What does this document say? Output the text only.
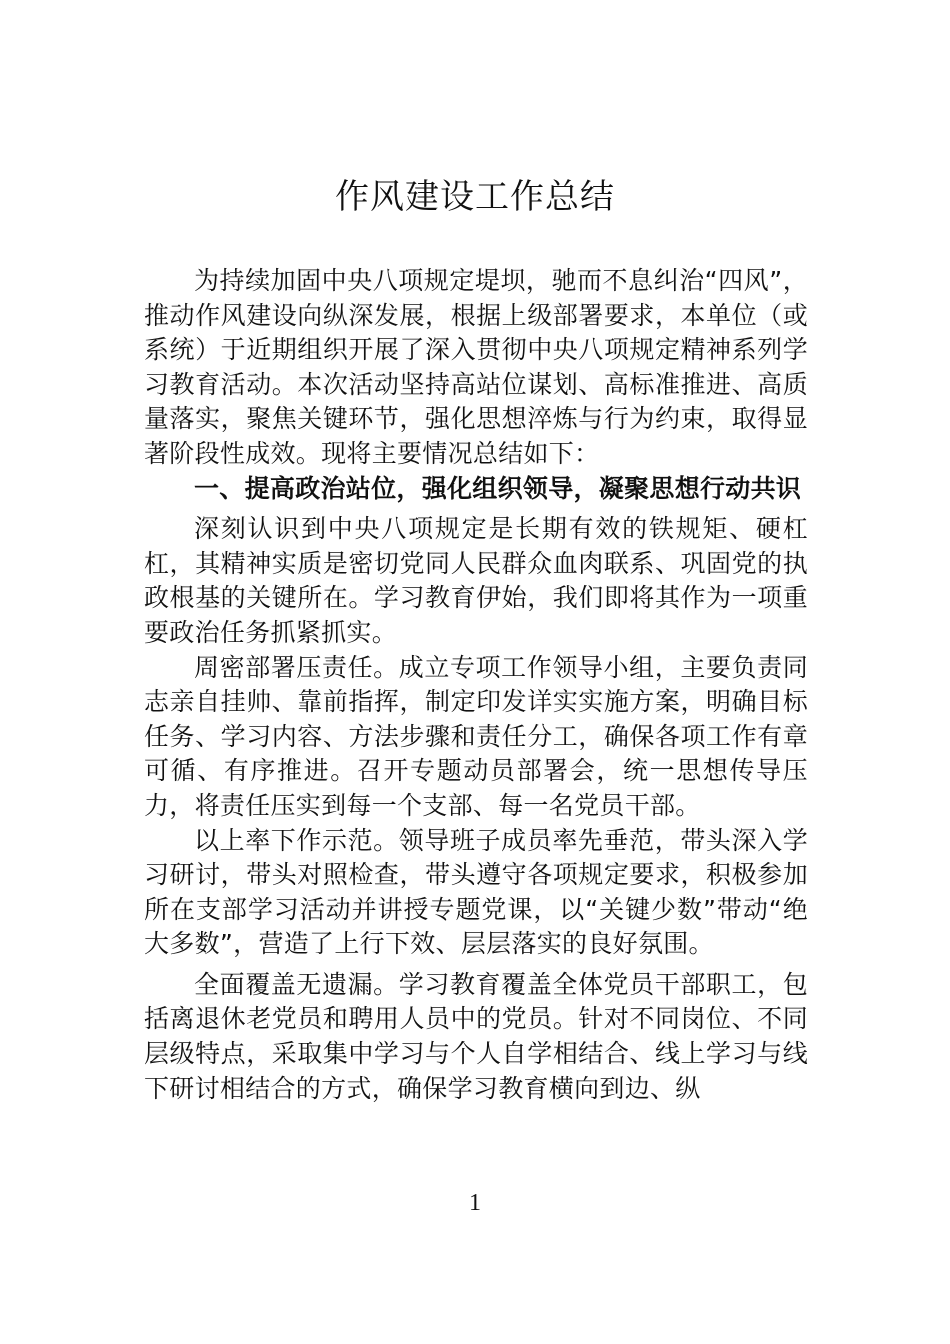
作风建设工作总结

为持续加固中央八项规定堤坝，驰而不息纠治“四风”，推动作风建设向纵深发展，根据上级部署要求，本单位（或系统）于近期组织开展了深入贯彻中央八项规定精神系列学习教育活动。本次活动坚持高站位谋划、高标准推进、高质量落实，聚焦关键环节，强化思想淬炼与行为约束，取得显著阶段性成效。现将主要情况总结如下：

一、提高政治站位，强化组织领导，凝聚思想行动共识

深刻认识到中央八项规定是长期有效的铁规矩、硬杠杠，其精神实质是密切党同人民群众血肉联系、巩固党的执政根基的关键所在。学习教育伊始，我们即将其作为一项重要政治任务抓紧抓实。

周密部署压责任。成立专项工作领导小组，主要负责同志亲自挂帅、靠前指挥，制定印发详实实施方案，明确目标任务、学习内容、方法步骤和责任分工，确保各项工作有章可循、有序推进。召开专题动员部署会，统一思想传导压力，将责任压实到每一个支部、每一名党员干部。

以上率下作示范。领导班子成员率先垂范，带头深入学习研讨，带头对照检查，带头遵守各项规定要求，积极参加所在支部学习活动并讲授专题党课，以“关键少数”带动“绝大多数”，营造了上行下效、层层落实的良好氛围。

全面覆盖无遗漏。学习教育覆盖全体党员干部职工，包括离退休老党员和聘用人员中的党员。针对不同岗位、不同层级特点，采取集中学习与个人自学相结合、线上学习与线下研讨相结合的方式，确保学习教育横向到边、纵

1
